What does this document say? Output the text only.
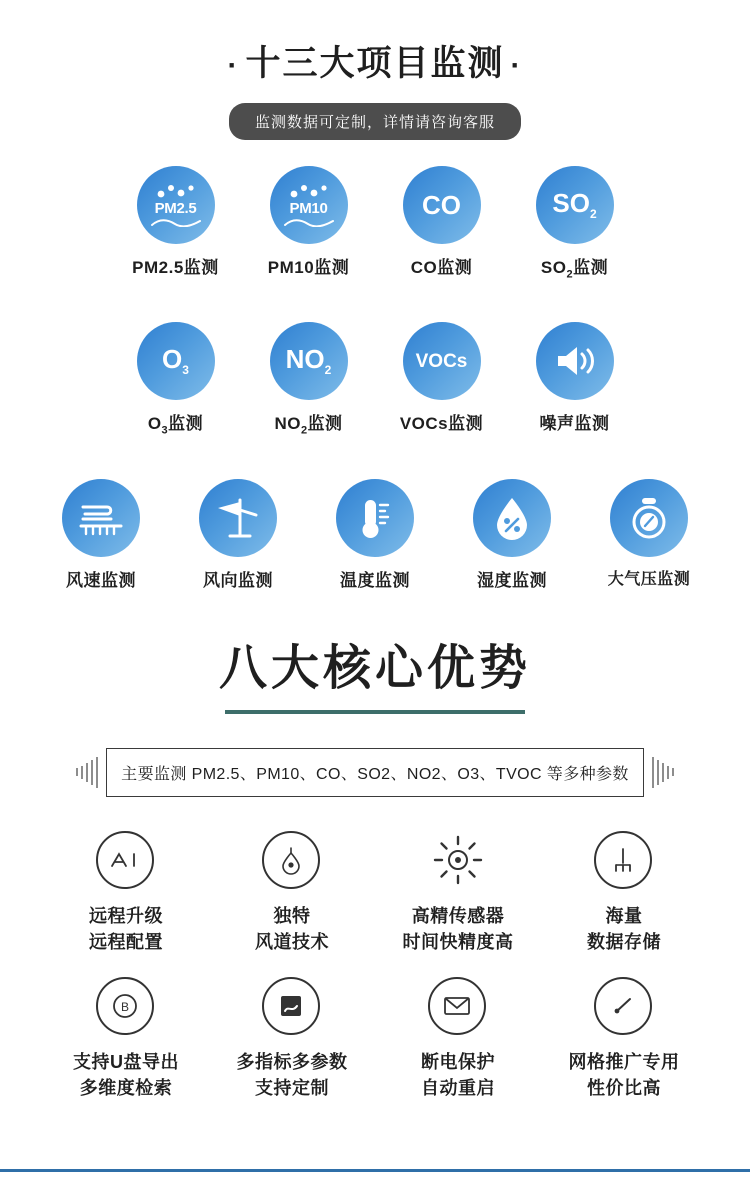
· 十三大项目监测 ·
监测数据可定制，详情请咨询客服
PM2.5
PM2.5监测
PM10
PM10监测
CO
CO监测
$SO_2$
$SO_2$监测
$O_3$
$O_3$监测
$NO_2$
$NO_2$监测
VOCs
VOCs监测	噪声监测
风速监测	风向监测	温度监测	湿度监测	大气压监测
八大核心优势
主要监测 PM2.5、PM10、CO、SO2、NO2、O3、TVOC 等多种参数
远程升级
远程配置
独特
风道技术
高精传感器
时间快精度高
海量
数据存储
B
支持U盘导出
多维度检索
多指标多参数
支持定制
断电保护
自动重启
网格推广专用
性价比高
